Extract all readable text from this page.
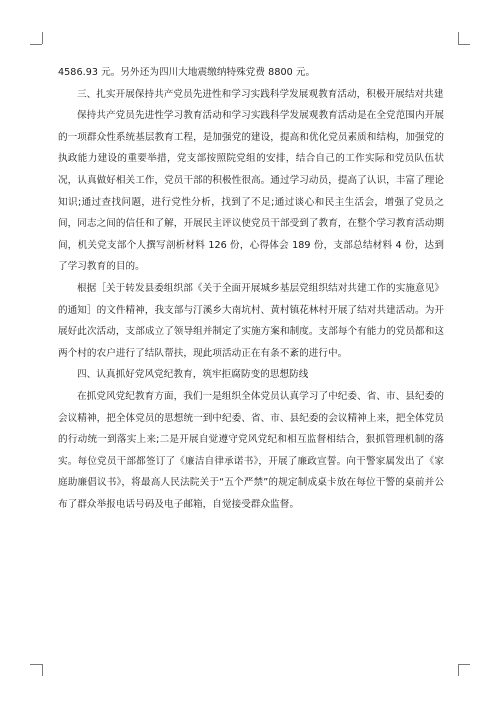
4586.93 元。另外还为四川大地震缴纳特殊党费 8800 元。

三、扎实开展保持共产党员先进性和学习实践科学发展观教育活动，积极开展结对共建

保持共产党员先进性学习教育活动和学习实践科学发展观教育活动是在全党范围内开展的一项群众性系统基层教育工程，是加强党的建设，提高和优化党员素质和结构，加强党的执政能力建设的重要举措，党支部按照院党组的安排，结合自己的工作实际和党员队伍状况，认真做好相关工作，党员干部的积极性很高。通过学习动员，提高了认识，丰富了理论知识;通过查找问题，进行党性分析，找到了不足;通过谈心和民主生活会，增强了党员之间，同志之间的信任和了解，开展民主评议使党员干部受到了教育，在整个学习教育活动期间，机关党支部个人撰写剖析材料 126 份，心得体会 189 份，支部总结材料 4 份，达到了学习教育的目的。

根据［关于转发县委组织部《关于全面开展城乡基层党组织结对共建工作的实施意见》的通知］的文件精神，我支部与汀溪乡大南坑村、黄村镇花林村开展了结对共建活动。为开展好此次活动，支部成立了领导组并制定了实施方案和制度。支部每个有能力的党员都和这两个村的农户进行了结队帮扶，现此项活动正在有条不紊的进行中。

四、认真抓好党风党纪教育，筑牢拒腐防变的思想防线

在抓党风党纪教育方面，我们一是组织全体党员认真学习了中纪委、省、市、县纪委的会议精神，把全体党员的思想统一到中纪委、省、市、县纪委的会议精神上来，把全体党员的行动统一到落实上来;二是开展自觉遵守党风党纪和相互监督相结合，狠抓管理机制的落实。每位党员干部都签订了《廉洁自律承诺书》，开展了廉政宣誓。向干警家属发出了《家庭助廉倡议书》，将最高人民法院关于“五个严禁”的规定制成桌卡放在每位干警的桌前并公布了群众举报电话号码及电子邮箱，自觉接受群众监督。
